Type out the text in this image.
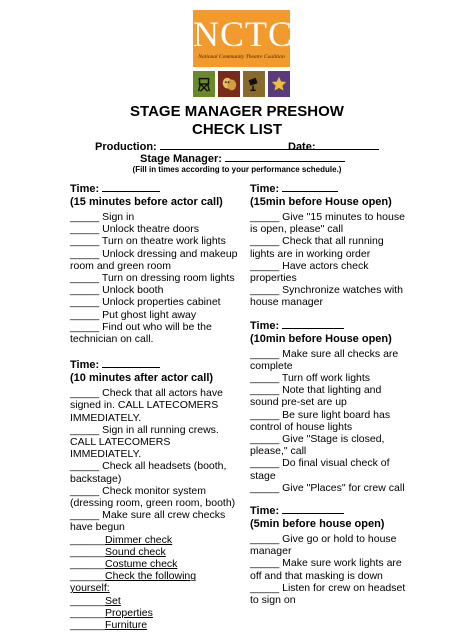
NCTC
National Community Theatre Coalition
STAGE MANAGER PRESHOW
CHECK LIST
Production:	Date:
Stage Manager:
(Fill in times according to your performance schedule.)
Time:
(15 minutes before actor call)
_____ Sign in
_____ Unlock theatre doors
_____ Turn on theatre work lights
_____ Unlock dressing and makeup room and green room
_____ Turn on dressing room lights
_____ Unlock booth
_____ Unlock properties cabinet
_____ Put ghost light away
_____ Find out who will be the technician on call.
Time:
(10 minutes after actor call)
_____ Check that all actors have signed in. CALL LATECOMERS IMMEDIATELY.
_____ Sign in all running crews. CALL LATECOMERS IMMEDIATELY.
_____ Check all headsets (booth, backstage)
_____ Check monitor system (dressing room, green room, booth)
_____ Make sure all crew checks have begun
______Dimmer check
______Sound check
______Costume check
______Check the following yourself:
______Set
______Properties
______Furniture
Time:
(15min before House open)
_____ Give "15 minutes to house is open, please" call
_____ Check that all running lights are in working order
_____ Have actors check properties
_____ Synchronize watches with house manager
Time:
(10min before House open)
_____ Make sure all checks are complete
_____ Turn off work lights
_____ Note that lighting and sound pre-set are up
_____ Be sure light board has control of house lights
_____ Give "Stage is closed, please," call
_____ Do final visual check of stage
_____ Give "Places" for crew call
Time:
(5min before house open)
_____ Give go or hold to house manager
_____ Make sure work lights are off and that masking is down
_____ Listen for crew on headset to sign on
